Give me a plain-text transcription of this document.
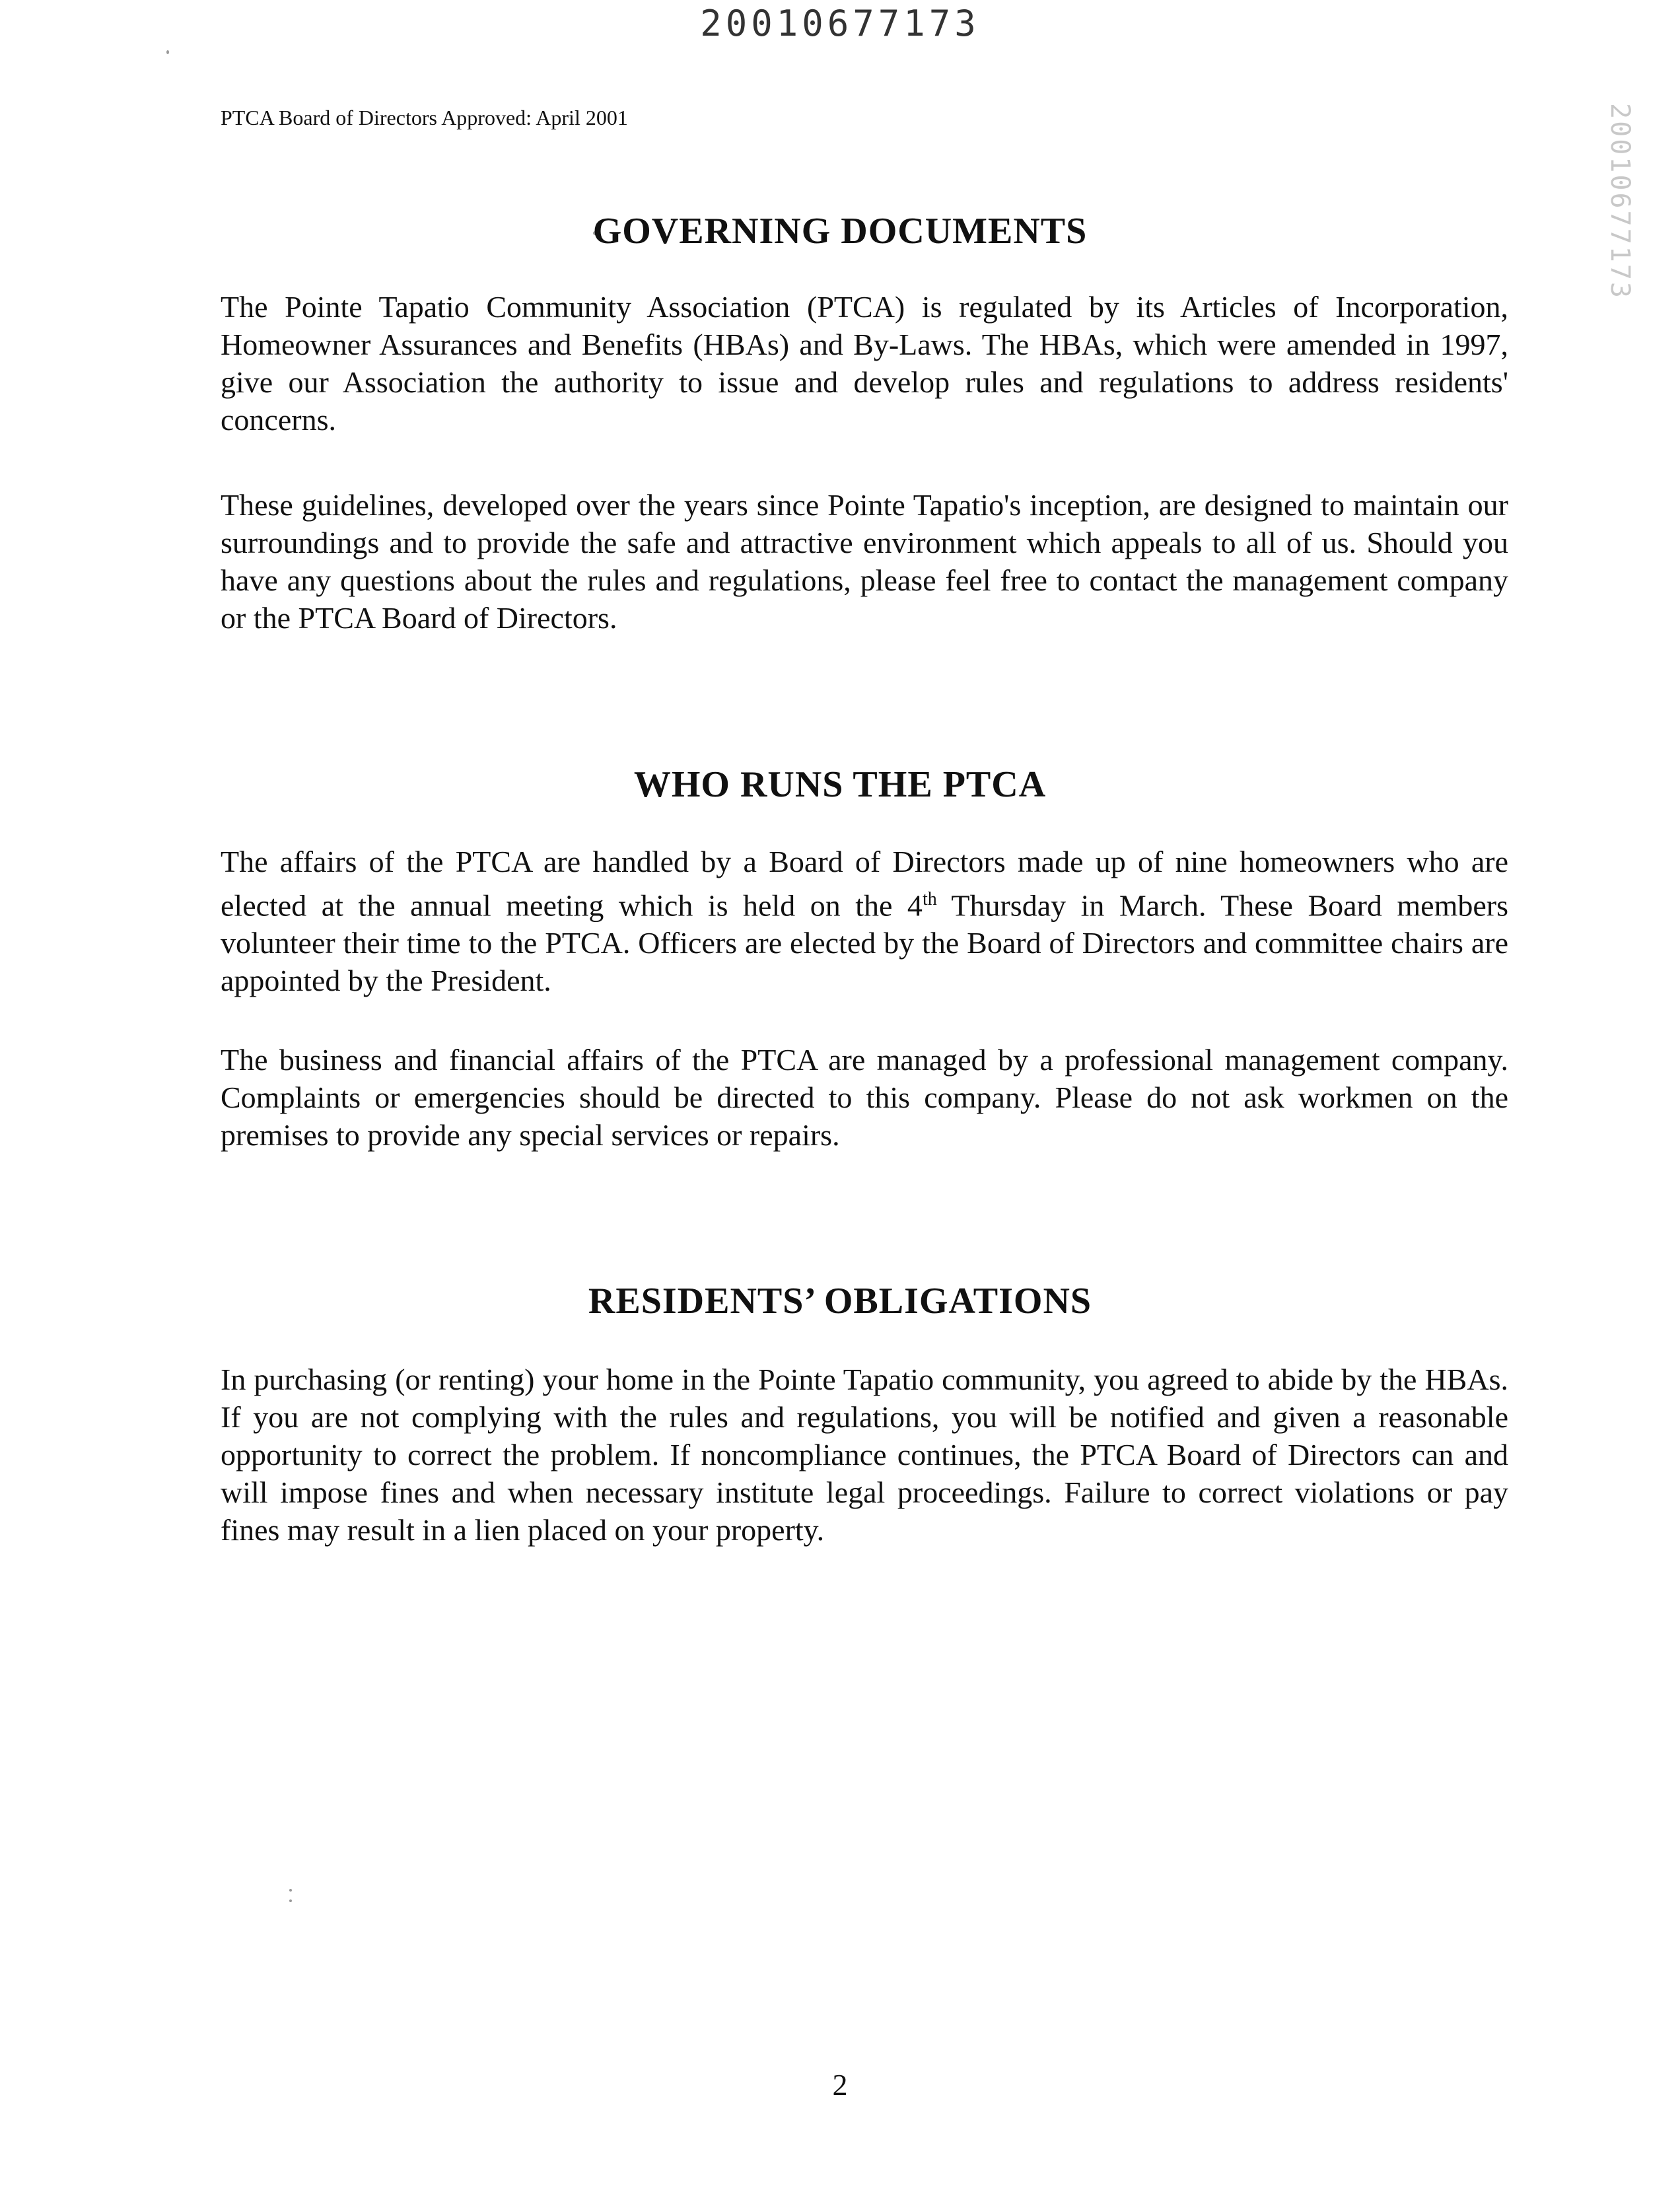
20010677173
PTCA Board of Directors Approved: April 2001	20010677173
GOVERNING DOCUMENTS

The Pointe Tapatio Community Association (PTCA) is regulated by its Articles of Incorporation, Homeowner Assurances and Benefits (HBAs) and By-Laws. The HBAs, which were amended in 1997, give our Association the authority to issue and develop rules and regulations to address residents' concerns.

These guidelines, developed over the years since Pointe Tapatio's inception, are designed to maintain our surroundings and to provide the safe and attractive environment which appeals to all of us. Should you have any questions about the rules and regulations, please feel free to contact the management company or the PTCA Board of Directors.

WHO RUNS THE PTCA

The affairs of the PTCA are handled by a Board of Directors made up of nine homeowners who are elected at the annual meeting which is held on the 4th Thursday in March. These Board members volunteer their time to the PTCA. Officers are elected by the Board of Directors and committee chairs are appointed by the President.

The business and financial affairs of the PTCA are managed by a professional management company. Complaints or emergencies should be directed to this company. Please do not ask workmen on the premises to provide any special services or repairs.

RESIDENTS’ OBLIGATIONS

In purchasing (or renting) your home in the Pointe Tapatio community, you agreed to abide by the HBAs. If you are not complying with the rules and regulations, you will be notified and given a reasonable opportunity to correct the problem. If noncompliance continues, the PTCA Board of Directors can and will impose fines and when necessary institute legal proceedings. Failure to correct violations or pay fines may result in a lien placed on your property.

2
